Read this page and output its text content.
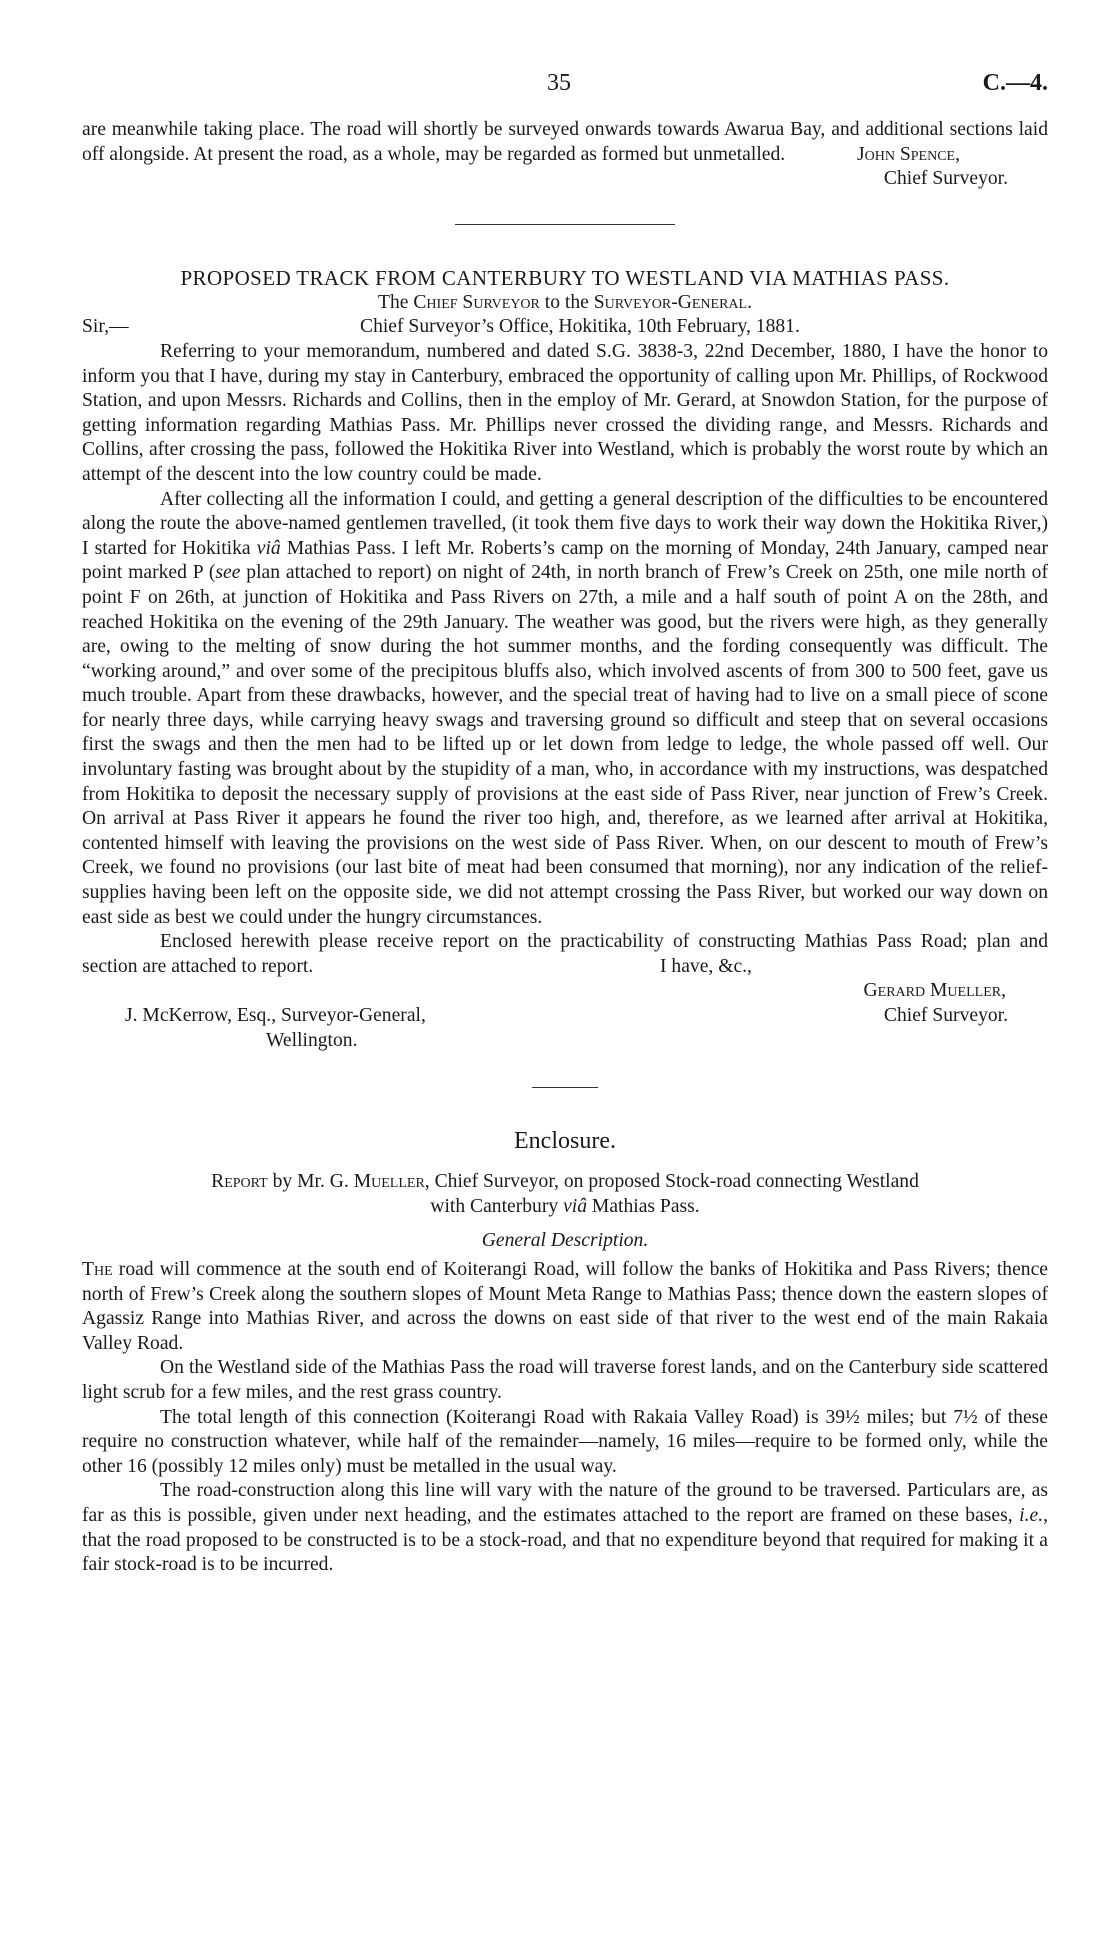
35	C.—4.

are meanwhile taking place. The road will shortly be surveyed onwards towards Awarua Bay, and additional sections laid off alongside. At present the road, as a whole, may be regarded as formed but unmetalled.	John Spence,
Chief Surveyor.
PROPOSED TRACK FROM CANTERBURY TO WESTLAND VIA MATHIAS PASS.
The Chief Surveyor to the Surveyor-General.
Sir,—	Chief Surveyor’s Office, Hokitika, 10th February, 1881.

Referring to your memorandum, numbered and dated S.G. 3838-3, 22nd December, 1880, I have the honor to inform you that I have, during my stay in Canterbury, embraced the opportunity of calling upon Mr. Phillips, of Rockwood Station, and upon Messrs. Richards and Collins, then in the employ of Mr. Gerard, at Snowdon Station, for the purpose of getting information regarding Mathias Pass. Mr. Phillips never crossed the dividing range, and Messrs. Richards and Collins, after crossing the pass, followed the Hokitika River into Westland, which is probably the worst route by which an attempt of the descent into the low country could be made.

After collecting all the information I could, and getting a general description of the difficulties to be encountered along the route the above-named gentlemen travelled, (it took them five days to work their way down the Hokitika River,) I started for Hokitika viâ Mathias Pass. I left Mr. Roberts’s camp on the morning of Monday, 24th January, camped near point marked P (see plan attached to report) on night of 24th, in north branch of Frew’s Creek on 25th, one mile north of point F on 26th, at junction of Hokitika and Pass Rivers on 27th, a mile and a half south of point A on the 28th, and reached Hokitika on the evening of the 29th January. The weather was good, but the rivers were high, as they generally are, owing to the melting of snow during the hot summer months, and the fording consequently was difficult. The “working around,” and over some of the precipitous bluffs also, which involved ascents of from 300 to 500 feet, gave us much trouble. Apart from these drawbacks, however, and the special treat of having had to live on a small piece of scone for nearly three days, while carrying heavy swags and traversing ground so difficult and steep that on several occasions first the swags and then the men had to be lifted up or let down from ledge to ledge, the whole passed off well. Our involuntary fasting was brought about by the stupidity of a man, who, in accordance with my instructions, was despatched from Hokitika to deposit the necessary supply of provisions at the east side of Pass River, near junction of Frew’s Creek. On arrival at Pass River it appears he found the river too high, and, therefore, as we learned after arrival at Hokitika, contented himself with leaving the provisions on the west side of Pass River. When, on our descent to mouth of Frew’s Creek, we found no provisions (our last bite of meat had been consumed that morning), nor any indication of the relief-supplies having been left on the opposite side, we did not attempt crossing the Pass River, but worked our way down on east side as best we could under the hungry circumstances.

Enclosed herewith please receive report on the practicability of constructing Mathias Pass Road; plan and section are attached to report.	I have, &c.,
Gerard Mueller,
J. McKerrow, Esq., Surveyor-General,	Chief Surveyor.
Wellington.
Enclosure.
Report by Mr. G. Mueller, Chief Surveyor, on proposed Stock-road connecting Westland
with Canterbury viâ Mathias Pass.
General Description.

The road will commence at the south end of Koiterangi Road, will follow the banks of Hokitika and Pass Rivers; thence north of Frew’s Creek along the southern slopes of Mount Meta Range to Mathias Pass; thence down the eastern slopes of Agassiz Range into Mathias River, and across the downs on east side of that river to the west end of the main Rakaia Valley Road.

On the Westland side of the Mathias Pass the road will traverse forest lands, and on the Canterbury side scattered light scrub for a few miles, and the rest grass country.

The total length of this connection (Koiterangi Road with Rakaia Valley Road) is 39½ miles; but 7½ of these require no construction whatever, while half of the remainder—namely, 16 miles—require to be formed only, while the other 16 (possibly 12 miles only) must be metalled in the usual way.

The road-construction along this line will vary with the nature of the ground to be traversed. Particulars are, as far as this is possible, given under next heading, and the estimates attached to the report are framed on these bases, i.e., that the road proposed to be constructed is to be a stock-road, and that no expenditure beyond that required for making it a fair stock-road is to be incurred.
